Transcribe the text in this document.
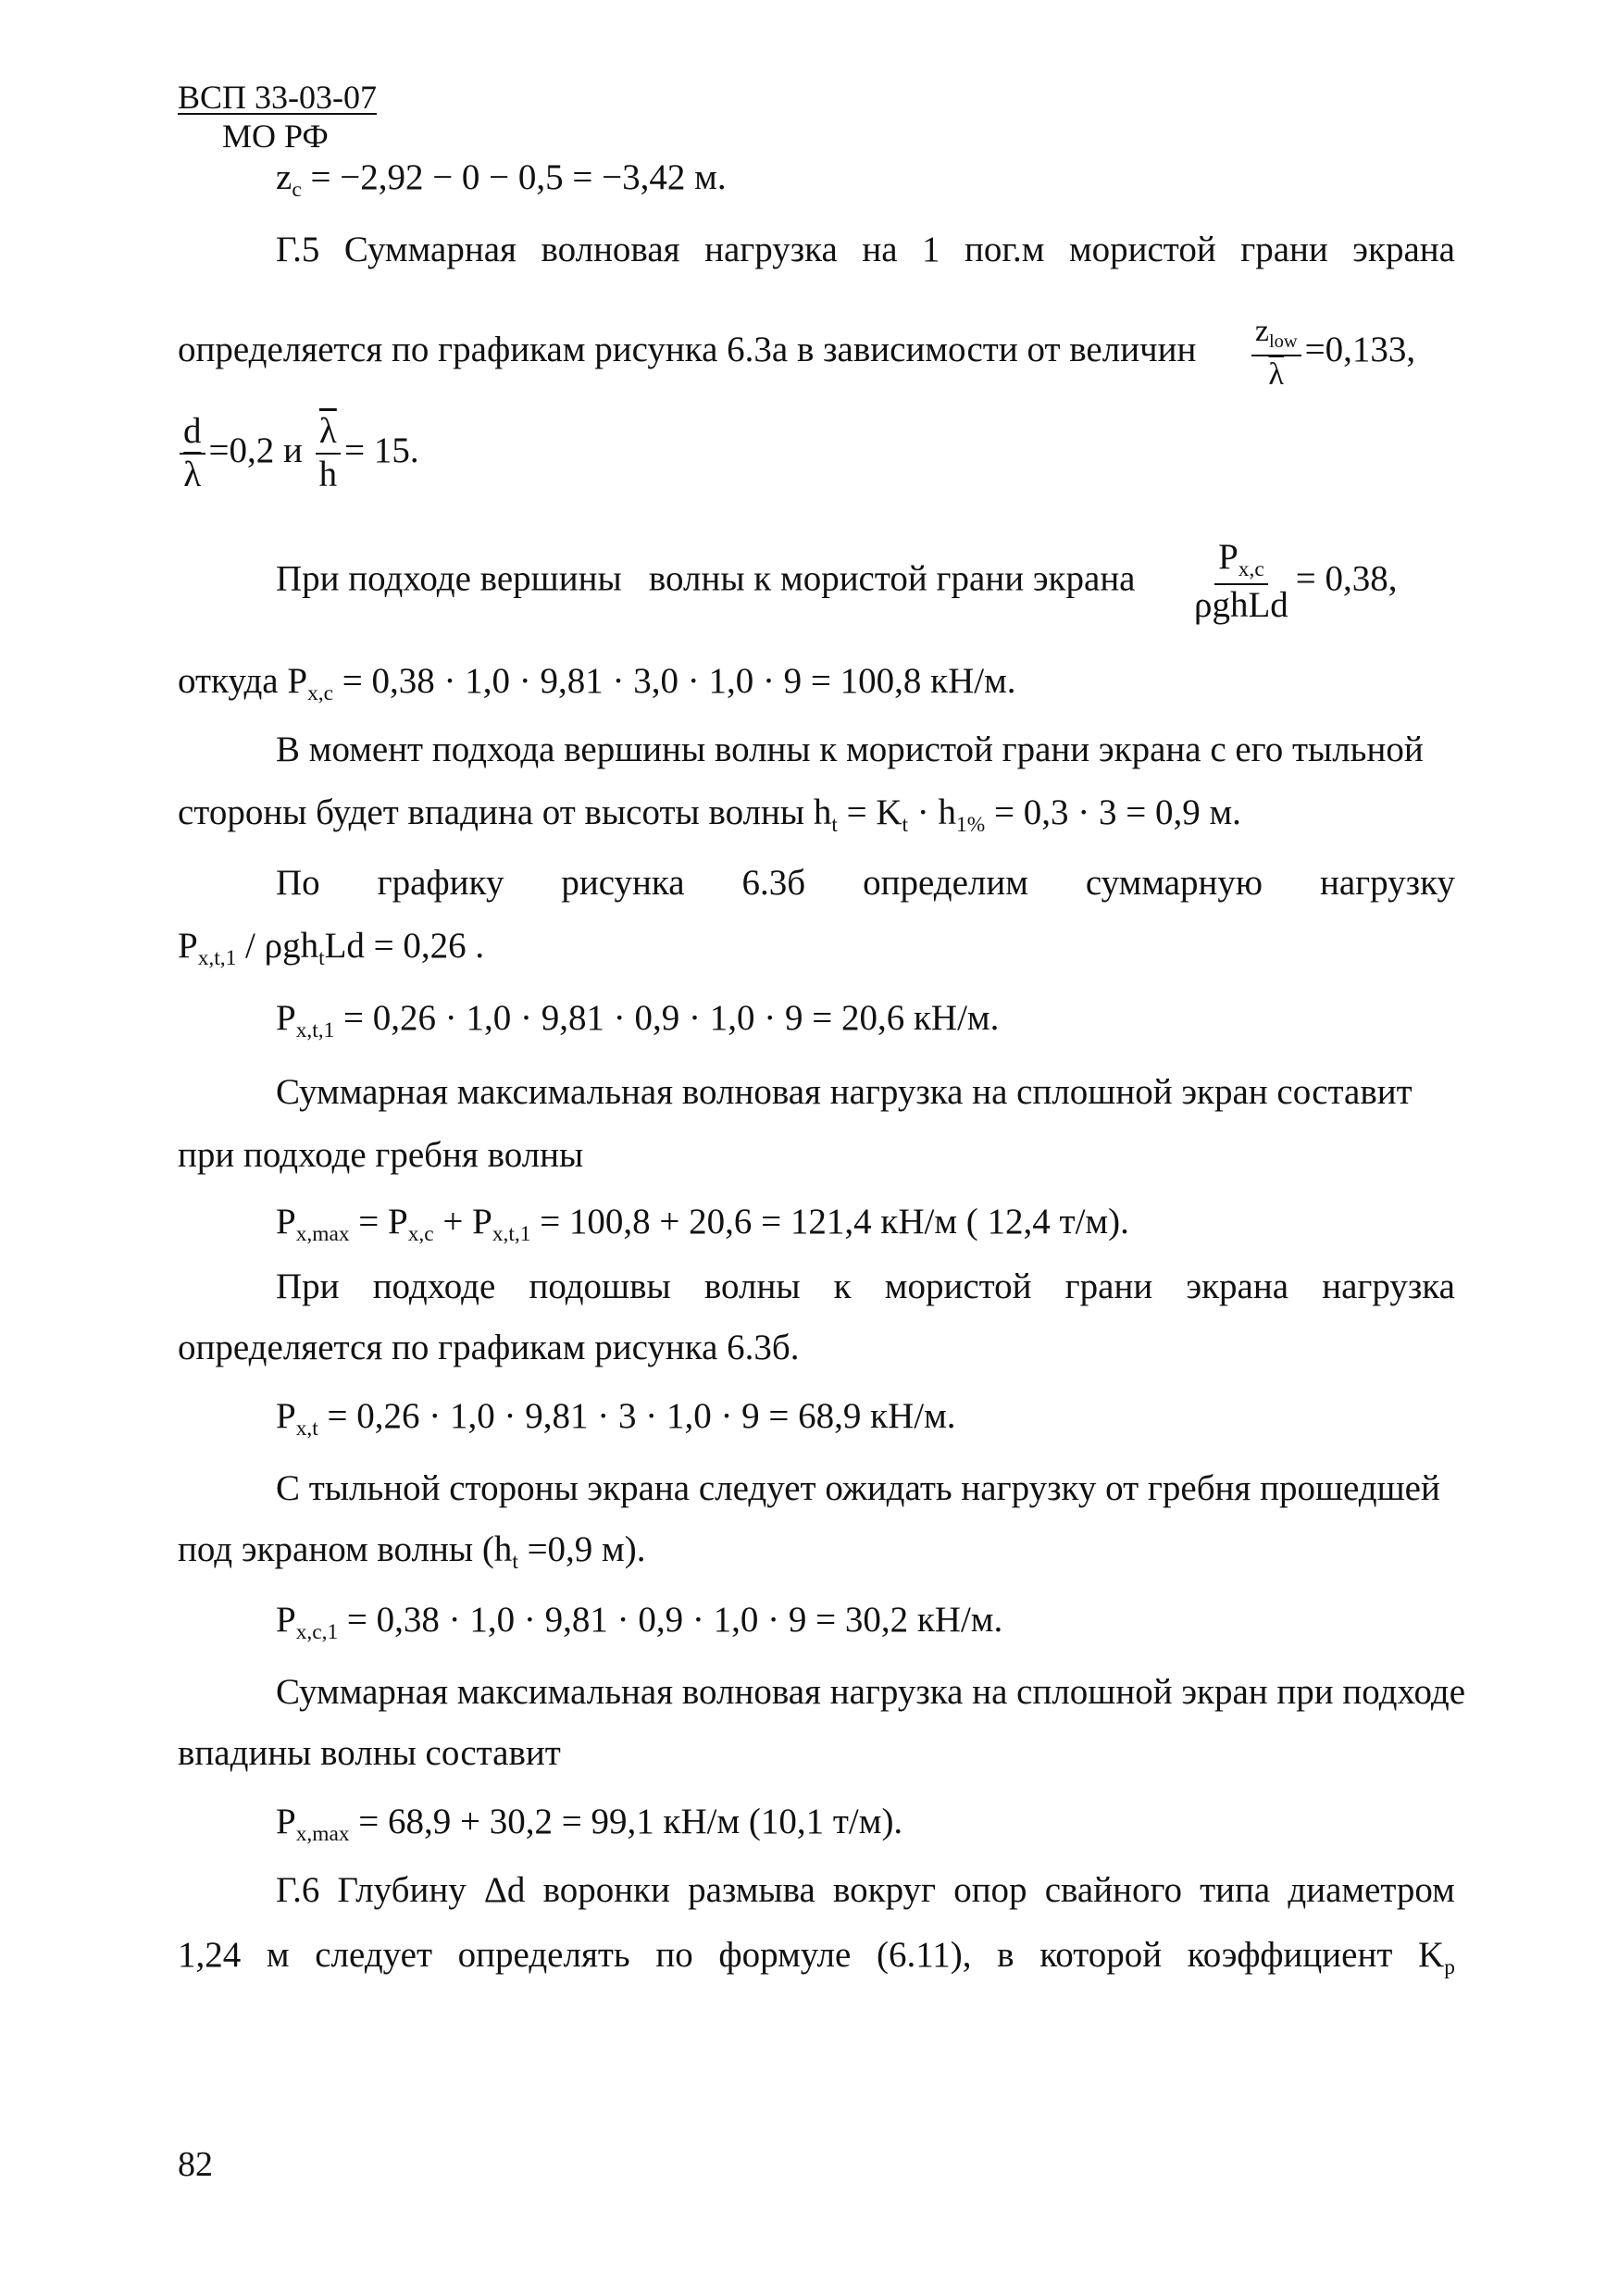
ВСП 33-03-07
МО РФ
$z_c = -2,92 - 0 - 0,5 = -3,42$ м.
Г.5 Суммарная волновая нагрузка на 1 пог.м мористой грани экрана
определяется по графикам рисунка 6.3а в зависимости от величин $\frac{z_{low}}{\lambda} =0,133$,
$\frac{d}{\lambda} =0,2$ и $\frac{\overline{\lambda}}{h} = 15$.
При подходе вершины   волны к мористой грани экрана $\frac{P_{x,c}}{\text{ρghLd}} = 0,38$,
откуда $P_{x,c} = 0,38 \cdot 1,0 \cdot 9,81 \cdot 3,0 \cdot 1,0 \cdot 9 = 100,8$ кН/м.
В момент подхода вершины волны к мористой грани экрана с его тыльной
стороны будет впадина от высоты волны $h_t = K_t \cdot h_{1\%} = 0,3 \cdot 3 = 0,9$ м.
По графику рисунка 6.3б определим суммарную нагрузку
$P_{x,t,1} / \rho gh_tLd = 0,26$ .
$P_{x,t,1} = 0,26 \cdot 1,0 \cdot 9,81 \cdot 0,9 \cdot 1,0 \cdot 9 = 20,6$ кН/м.
Суммарная максимальная волновая нагрузка на сплошной экран составит
при подходе гребня волны
$P_{x,max} = P_{x,c} + P_{x,t,1} = 100,8 + 20,6 = 121,4$ кН/м ( 12,4 т/м).
При подходе подошвы волны к мористой грани экрана нагрузка
определяется по графикам рисунка 6.3б.
$P_{x,t} = 0,26 \cdot 1,0 \cdot 9,81 \cdot 3 \cdot 1,0 \cdot 9 = 68,9$ кН/м.
С тыльной стороны экрана следует ожидать нагрузку от гребня прошедшей
под экраном волны ($h_t =0,9$ м).
$P_{x,c,1} = 0,38 \cdot 1,0 \cdot 9,81 \cdot 0,9 \cdot 1,0 \cdot 9 = 30,2$ кН/м.
Суммарная максимальная волновая нагрузка на сплошной экран при подходе
впадины волны составит
$P_{x,max} = 68,9 + 30,2 = 99,1$ кН/м (10,1 т/м).
Г.6 Глубину Δd воронки размыва вокруг опор свайного типа диаметром
1,24 м следует определять по формуле (6.11), в которой коэффициент $K_p$
82
